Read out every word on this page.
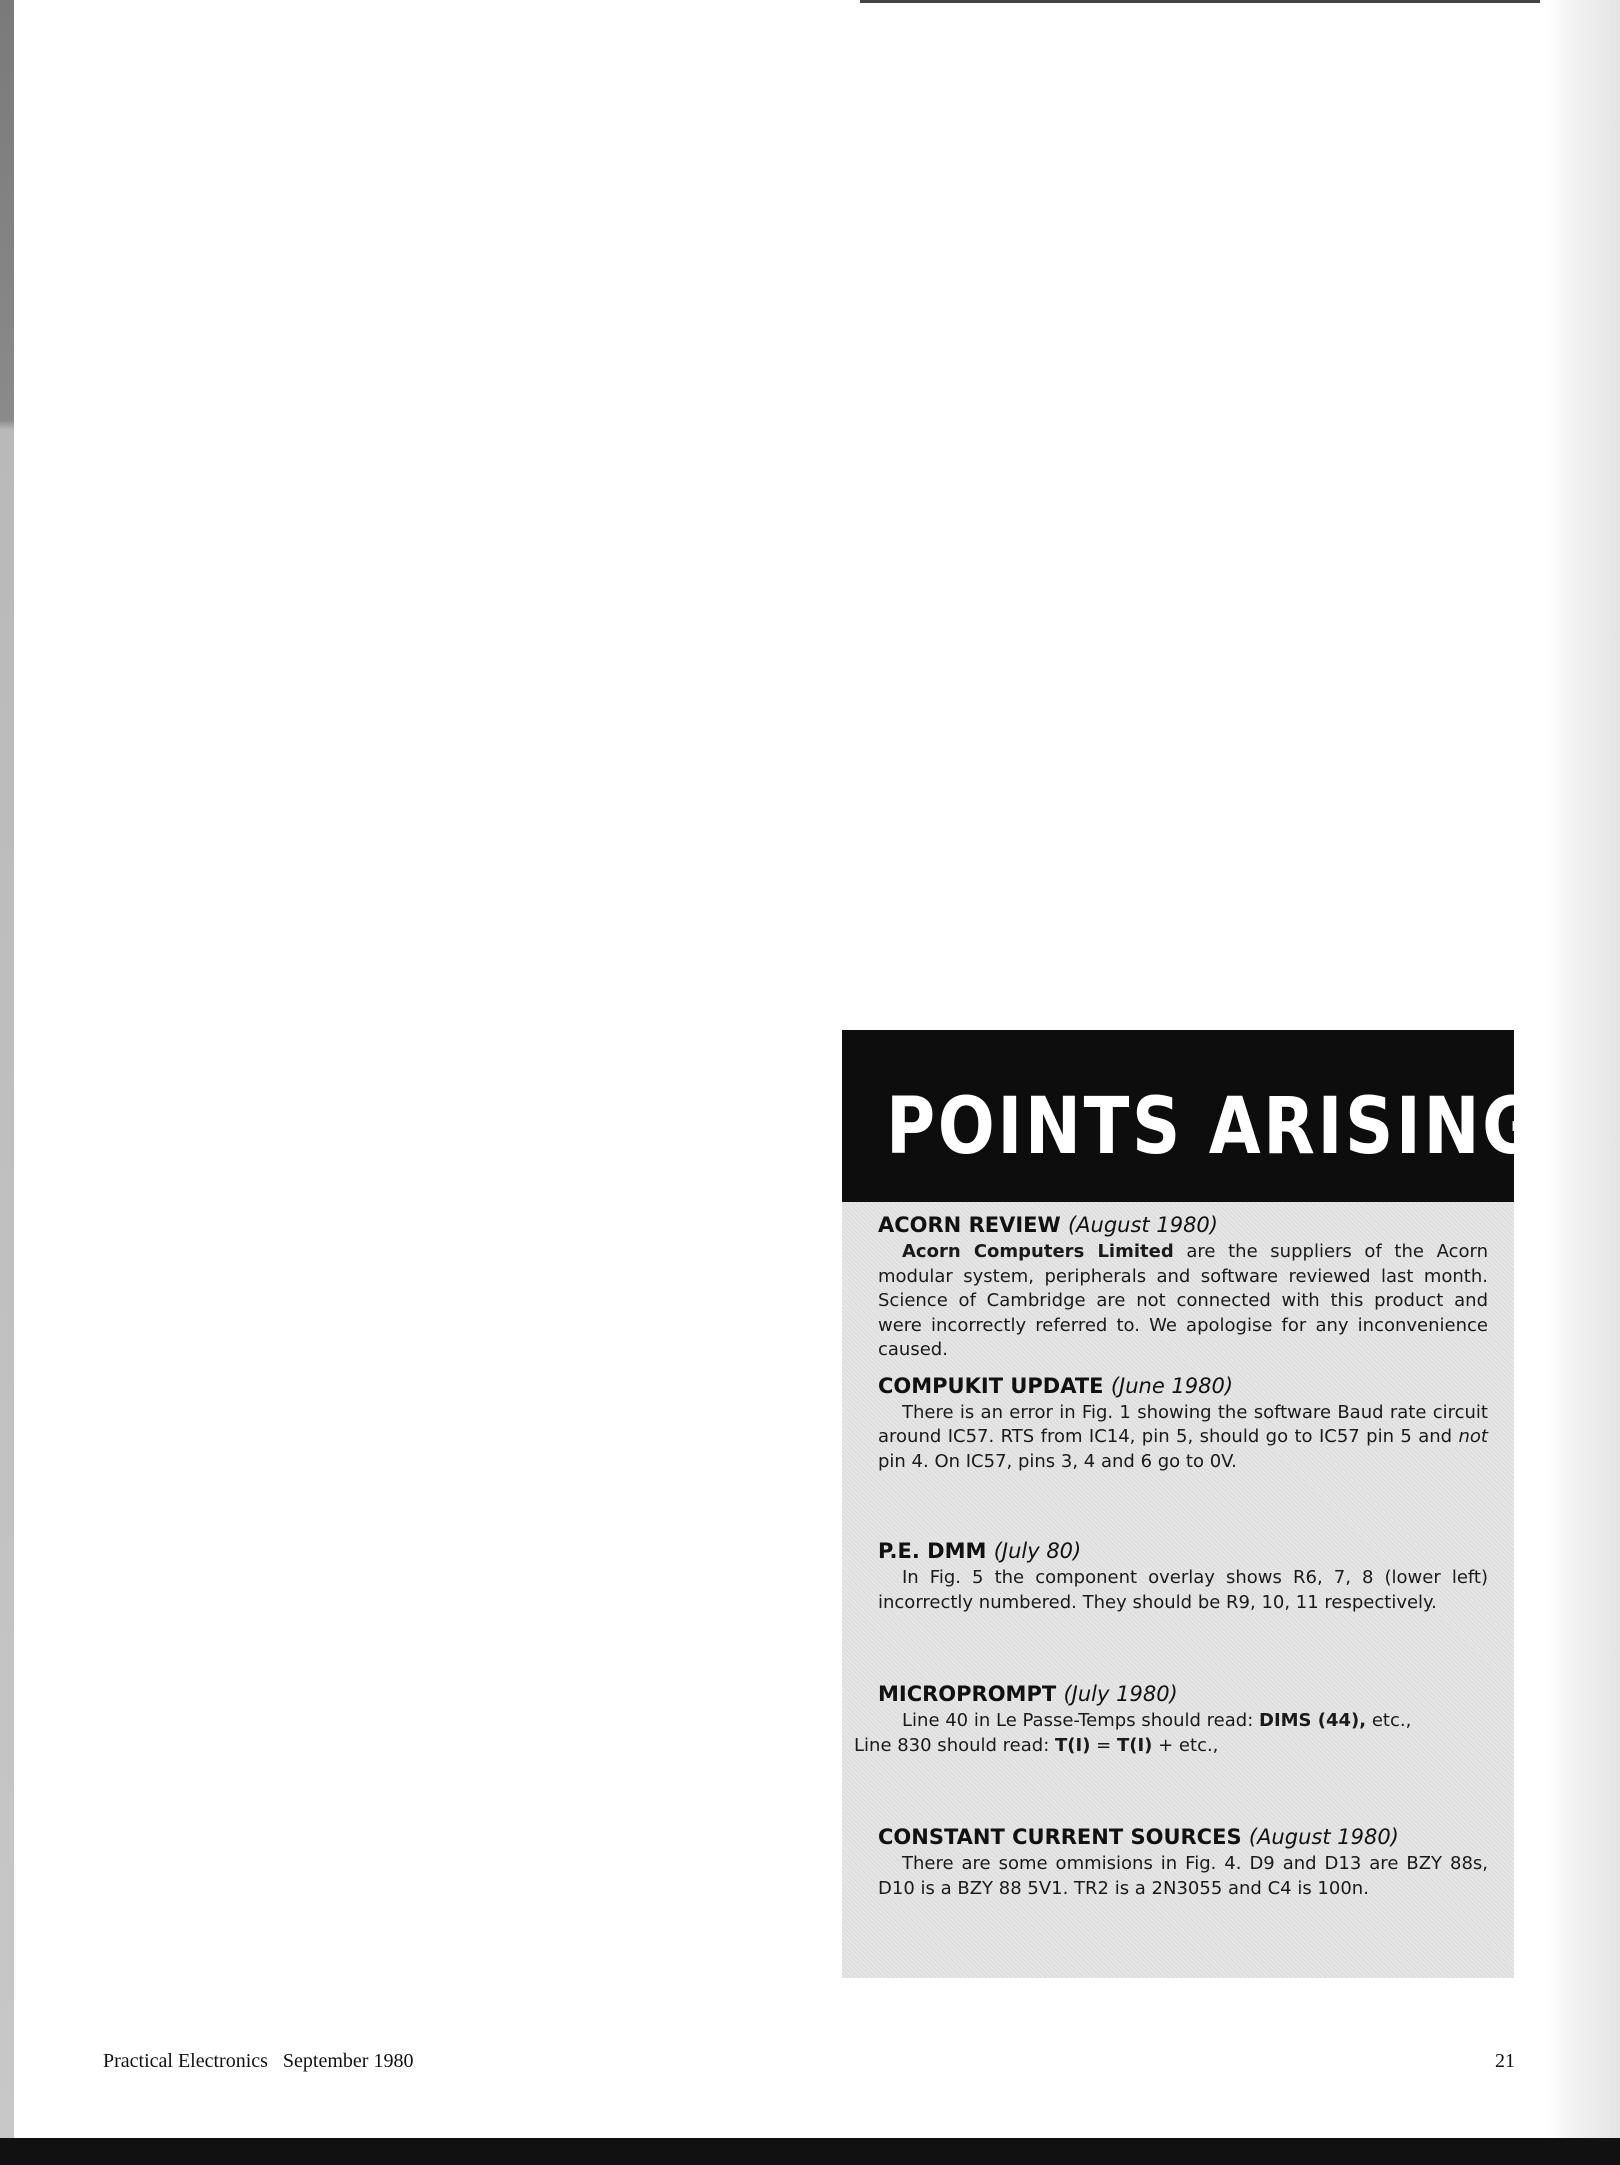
POINTS ARISING
ACORN REVIEW (August 1980)

Acorn Computers Limited are the suppliers of the Acorn modular system, peripherals and software reviewed last month. Science of Cambridge are not connected with this product and were incorrectly referred to. We apologise for any inconvenience caused.

COMPUKIT UPDATE (June 1980)

There is an error in Fig. 1 showing the software Baud rate circuit around IC57. RTS from IC14, pin 5, should go to IC57 pin 5 and not pin 4. On IC57, pins 3, 4 and 6 go to 0V.

P.E. DMM (July 80)

In Fig. 5 the component overlay shows R6, 7, 8 (lower left) incorrectly numbered. They should be R9, 10, 11 respectively.

MICROPROMPT (July 1980)

Line 40 in Le Passe-Temps should read: DIMS (44), etc.,
Line 830 should read: T(I) = T(I) + etc.,

CONSTANT CURRENT SOURCES (August 1980)

There are some ommisions in Fig. 4. D9 and D13 are BZY 88s, D10 is a BZY 88 5V1. TR2 is a 2N3055 and C4 is 100n.

Practical Electronics   September 1980	21
